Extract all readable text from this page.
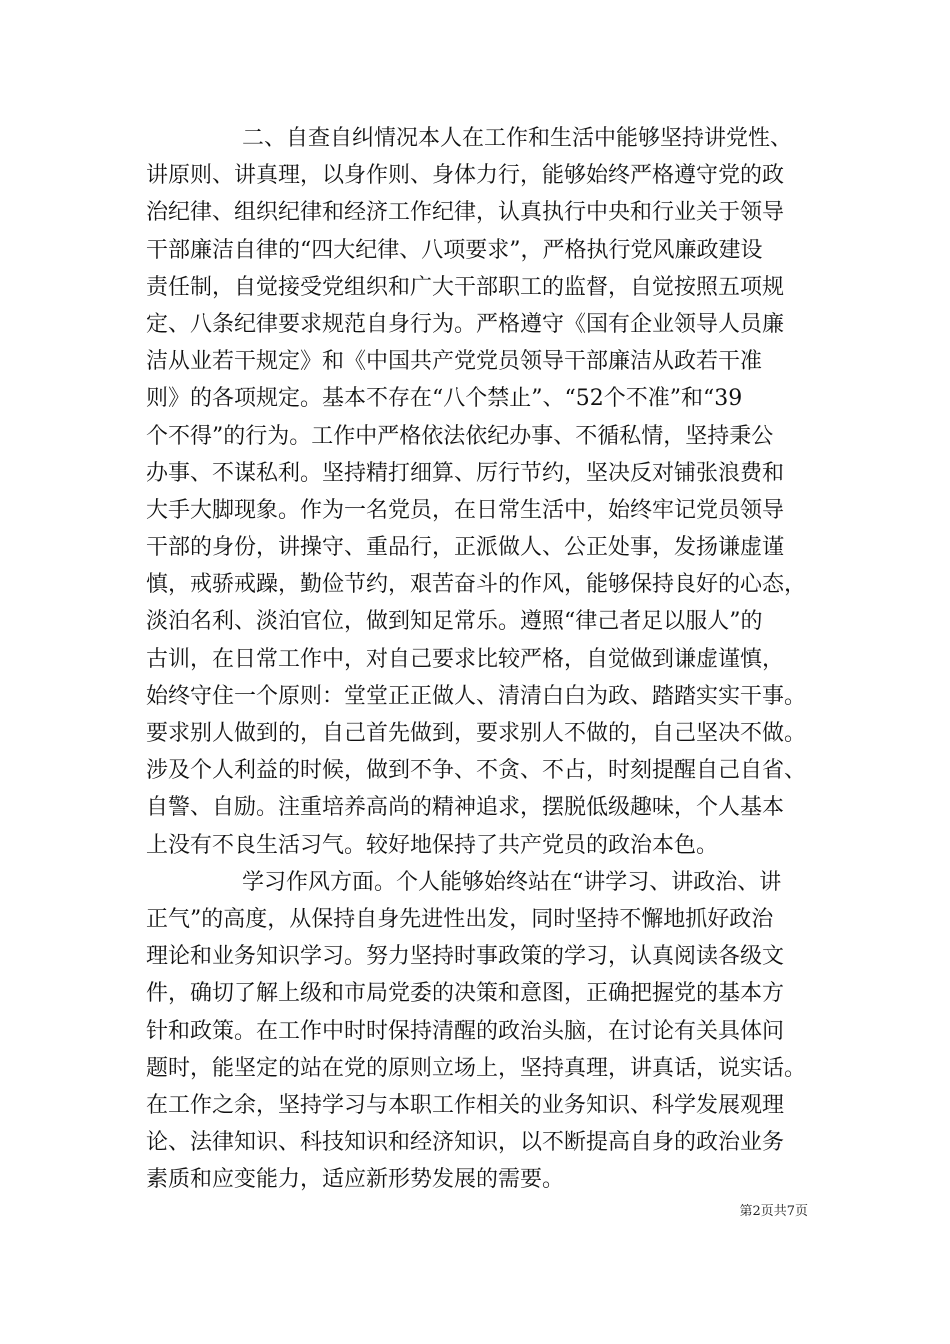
二、自查自纠情况本人在工作和生活中能够坚持讲党性、
讲原则、讲真理，以身作则、身体力行，能够始终严格遵守党的政
治纪律、组织纪律和经济工作纪律，认真执行中央和行业关于领导
干部廉洁自律的“四大纪律、八项要求”，严格执行党风廉政建设
责任制，自觉接受党组织和广大干部职工的监督，自觉按照五项规
定、八条纪律要求规范自身行为。严格遵守《国有企业领导人员廉
洁从业若干规定》和《中国共产党党员领导干部廉洁从政若干准
则》的各项规定。基本不存在“八个禁止”、“52个不准”和“39
个不得”的行为。工作中严格依法依纪办事、不循私情，坚持秉公
办事、不谋私利。坚持精打细算、厉行节约，坚决反对铺张浪费和
大手大脚现象。作为一名党员，在日常生活中，始终牢记党员领导
干部的身份，讲操守、重品行，正派做人、公正处事，发扬谦虚谨
慎，戒骄戒躁，勤俭节约，艰苦奋斗的作风，能够保持良好的心态，
淡泊名利、淡泊官位，做到知足常乐。遵照“律己者足以服人”的
古训，在日常工作中，对自己要求比较严格，自觉做到谦虚谨慎，
始终守住一个原则：堂堂正正做人、清清白白为政、踏踏实实干事。
要求别人做到的，自己首先做到，要求别人不做的，自己坚决不做。
涉及个人利益的时候，做到不争、不贪、不占，时刻提醒自己自省、
自警、自励。注重培养高尚的精神追求，摆脱低级趣味，个人基本
上没有不良生活习气。较好地保持了共产党员的政治本色。
学习作风方面。个人能够始终站在“讲学习、讲政治、讲
正气”的高度，从保持自身先进性出发，同时坚持不懈地抓好政治
理论和业务知识学习。努力坚持时事政策的学习，认真阅读各级文
件，确切了解上级和市局党委的决策和意图，正确把握党的基本方
针和政策。在工作中时时保持清醒的政治头脑，在讨论有关具体问
题时，能坚定的站在党的原则立场上，坚持真理，讲真话，说实话。
在工作之余，坚持学习与本职工作相关的业务知识、科学发展观理
论、法律知识、科技知识和经济知识，以不断提高自身的政治业务
素质和应变能力，适应新形势发展的需要。
第2页共7页
